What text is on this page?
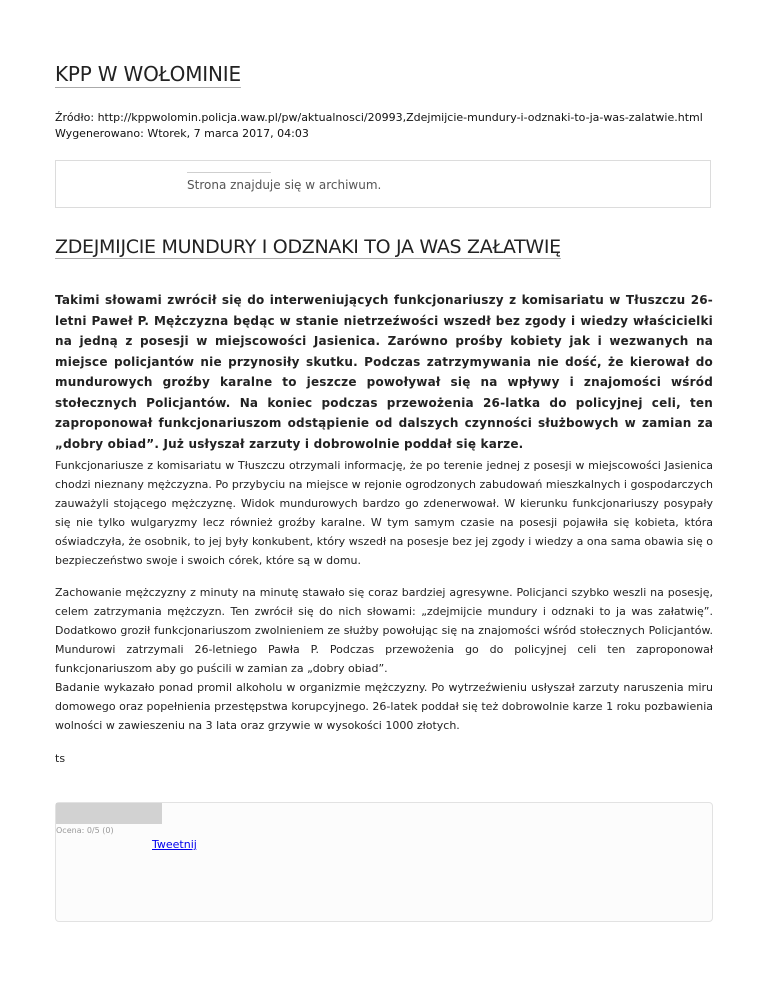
KPP W WOŁOMINIE
Źródło: http://kppwolomin.policja.waw.pl/pw/aktualnosci/20993,Zdejmijcie-mundury-i-odznaki-to-ja-was-zalatwie.html
Wygenerowano: Wtorek, 7 marca 2017, 04:03
Strona znajduje się w archiwum.
ZDEJMIJCIE MUNDURY I ODZNAKI TO JA WAS ZAŁATWIĘ

Takimi słowami zwrócił się do interweniujących funkcjonariuszy z komisariatu w Tłuszczu 26-letni Paweł P. Mężczyzna będąc w stanie nietrzeźwości wszedł bez zgody i wiedzy właścicielki na jedną z posesji w miejscowości Jasienica. Zarówno prośby kobiety jak i wezwanych na miejsce policjantów nie przynosiły skutku. Podczas zatrzymywania nie dość, że kierował do mundurowych groźby karalne to jeszcze powoływał się na wpływy i znajomości wśród stołecznych Policjantów. Na koniec podczas przewożenia 26-latka do policyjnej celi, ten zaproponował funkcjonariuszom odstąpienie od dalszych czynności służbowych w zamian za „dobry obiad”. Już usłyszał zarzuty i dobrowolnie poddał się karze.

Funkcjonariusze z komisariatu w Tłuszczu otrzymali informację, że po terenie jednej z posesji w miejscowości Jasienica chodzi nieznany mężczyzna. Po przybyciu na miejsce w rejonie ogrodzonych zabudowań mieszkalnych i gospodarczych zauważyli stojącego mężczyznę. Widok mundurowych bardzo go zdenerwował. W kierunku funkcjonariuszy posypały się nie tylko wulgaryzmy lecz również groźby karalne. W tym samym czasie na posesji pojawiła się kobieta, która oświadczyła, że osobnik, to jej były konkubent, który wszedł na posesje bez jej zgody i wiedzy a ona sama obawia się o bezpieczeństwo swoje i swoich córek, które są w domu.

Zachowanie mężczyzny z minuty na minutę stawało się coraz bardziej agresywne. Policjanci szybko weszli na posesję, celem zatrzymania mężczyzn. Ten zwrócił się do nich słowami: „zdejmijcie mundury i odznaki to ja was załatwię”. Dodatkowo groził funkcjonariuszom zwolnieniem ze służby powołując się na znajomości wśród stołecznych Policjantów. Mundurowi zatrzymali 26-letniego Pawła P. Podczas przewożenia go do policyjnej celi ten zaproponował funkcjonariuszom aby go puścili w zamian za „dobry obiad”.

Badanie wykazało ponad promil alkoholu w organizmie mężczyzny. Po wytrzeźwieniu usłyszał zarzuty naruszenia miru domowego oraz popełnienia przestępstwa korupcyjnego. 26-latek poddał się też dobrowolnie karze 1 roku pozbawienia wolności w zawieszeniu na 3 lata oraz grzywie w wysokości 1000 złotych.

ts
Ocena: 0/5 (0)
Tweetnij
